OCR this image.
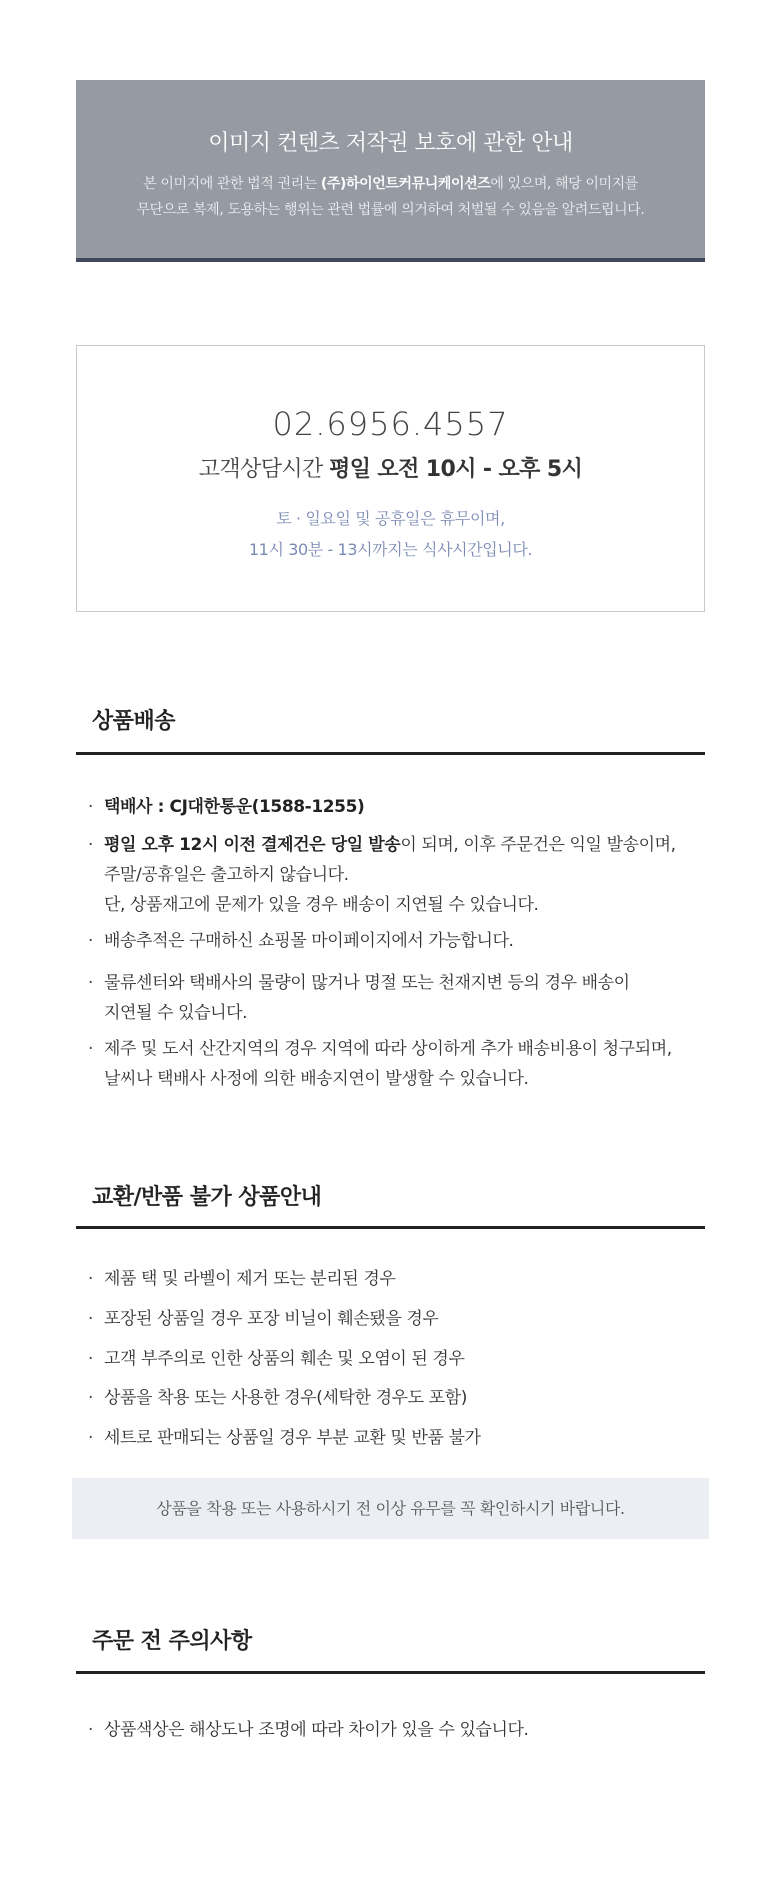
이미지 컨텐츠 저작권 보호에 관한 안내
본 이미지에 관한 법적 권리는 (주)하이언트커뮤니케이션즈에 있으며, 해당 이미지를
무단으로 복제, 도용하는 행위는 관련 법률에 의거하여 처벌될 수 있음을 알려드립니다.
02.6956.4557
고객상담시간 평일 오전 10시 - 오후 5시
토 · 일요일 및 공휴일은 휴무이며,
11시 30분 - 13시까지는 식사시간입니다.
상품배송
· 택배사 : CJ대한통운(1588-1255)
· 평일 오후 12시 이전 결제건은 당일 발송이 되며, 이후 주문건은 익일 발송이며,
주말/공휴일은 출고하지 않습니다.
단, 상품재고에 문제가 있을 경우 배송이 지연될 수 있습니다.
· 배송추적은 구매하신 쇼핑몰 마이페이지에서 가능합니다.
· 물류센터와 택배사의 물량이 많거나 명절 또는 천재지변 등의 경우 배송이
지연될 수 있습니다.
· 제주 및 도서 산간지역의 경우 지역에 따라 상이하게 추가 배송비용이 청구되며,
날씨나 택배사 사정에 의한 배송지연이 발생할 수 있습니다.
교환/반품 불가 상품안내
· 제품 택 및 라벨이 제거 또는 분리된 경우
· 포장된 상품일 경우 포장 비닐이 훼손됐을 경우
· 고객 부주의로 인한 상품의 훼손 및 오염이 된 경우
· 상품을 착용 또는 사용한 경우(세탁한 경우도 포함)
· 세트로 판매되는 상품일 경우 부분 교환 및 반품 불가
상품을 착용 또는 사용하시기 전 이상 유무를 꼭 확인하시기 바랍니다.
주문 전 주의사항
· 상품색상은 해상도나 조명에 따라 차이가 있을 수 있습니다.
